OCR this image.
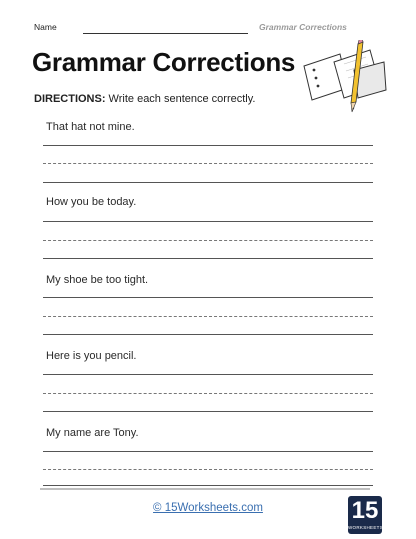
Name	Grammar Corrections
Grammar Corrections
DIRECTIONS: Write each sentence correctly.
That hat not mine.
How you be today.
My shoe be too tight.
Here is you pencil.
My name are Tony.
© 15Worksheets.com	15
WORKSHEETS
